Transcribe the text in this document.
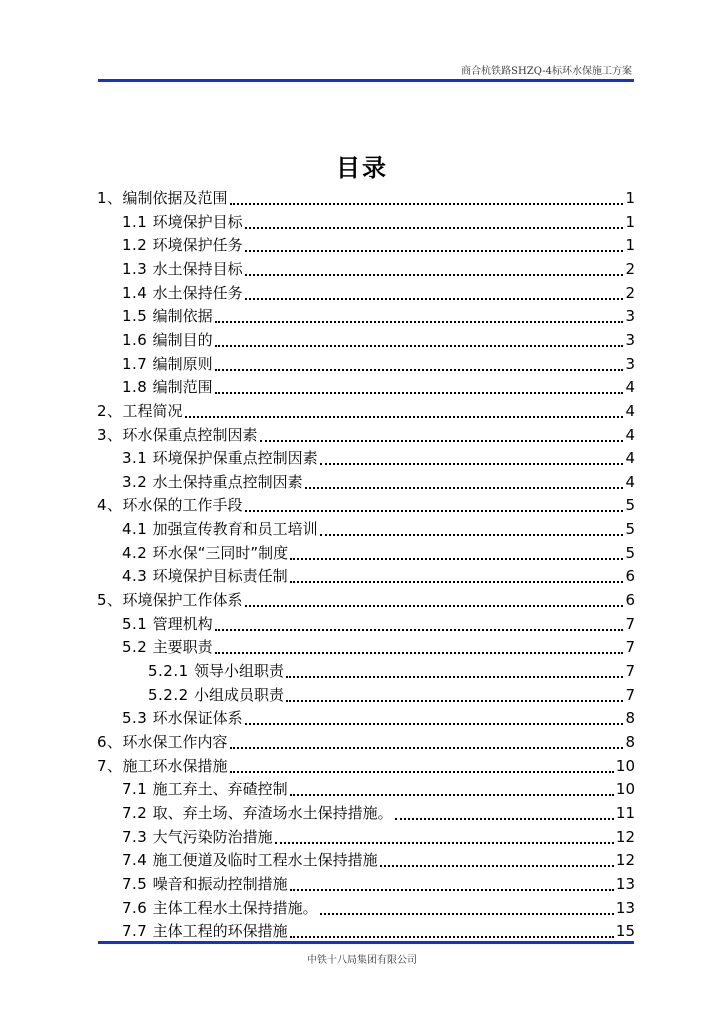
商合杭铁路SHZQ-4标环水保施工方案
目录
1、编制依据及范围	1
1.1 环境保护目标	1
1.2 环境保护任务	1
1.3 水土保持目标	2
1.4 水土保持任务	2
1.5 编制依据	3
1.6 编制目的	3
1.7 编制原则	3
1.8 编制范围	4
2、工程简况	4
3、环水保重点控制因素	4
3.1 环境保护保重点控制因素	4
3.2 水土保持重点控制因素	4
4、环水保的工作手段	5
4.1 加强宣传教育和员工培训	5
4.2 环水保“三同时”制度	5
4.3 环境保护目标责任制	6
5、环境保护工作体系	6
5.1 管理机构	7
5.2 主要职责	7
5.2.1 领导小组职责	7
5.2.2 小组成员职责	7
5.3 环水保证体系	8
6、环水保工作内容	8
7、施工环水保措施	10
7.1 施工弃土、弃碴控制	10
7.2 取、弃土场、弃渣场水土保持措施。	11
7.3 大气污染防治措施	12
7.4 施工便道及临时工程水土保持措施	12
7.5 噪音和振动控制措施	13
7.6 主体工程水土保持措施。	13
7.7 主体工程的环保措施	15
中铁十八局集团有限公司
